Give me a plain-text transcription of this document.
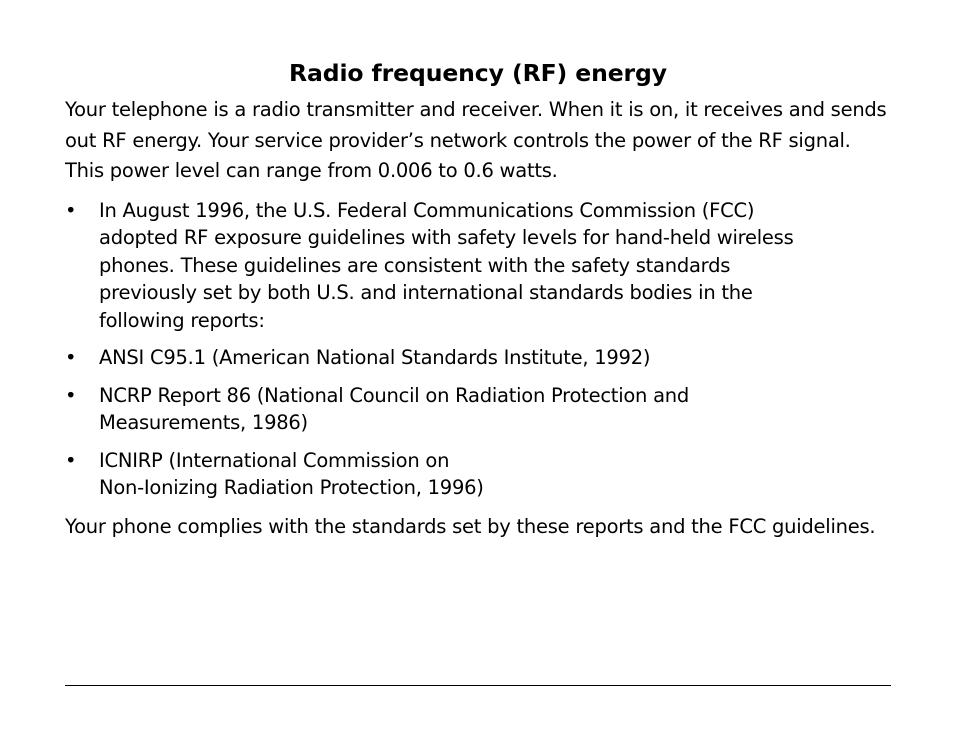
Radio frequency (RF) energy

Your telephone is a radio transmitter and receiver. When it is on, it receives and sends out RF energy. Your service provider’s network controls the power of the RF signal. This power level can range from 0.006 to 0.6 watts.

• In August 1996, the U.S. Federal Communications Commission (FCC)
adopted RF exposure guidelines with safety levels for hand-held wireless
phones. These guidelines are consistent with the safety standards
previously set by both U.S. and international standards bodies in the
following reports:
• ANSI C95.1 (American National Standards Institute, 1992)
• NCRP Report 86 (National Council on Radiation Protection and
Measurements, 1986)
• ICNIRP (International Commission on
Non-Ionizing Radiation Protection, 1996)

Your phone complies with the standards set by these reports and the FCC guidelines.
